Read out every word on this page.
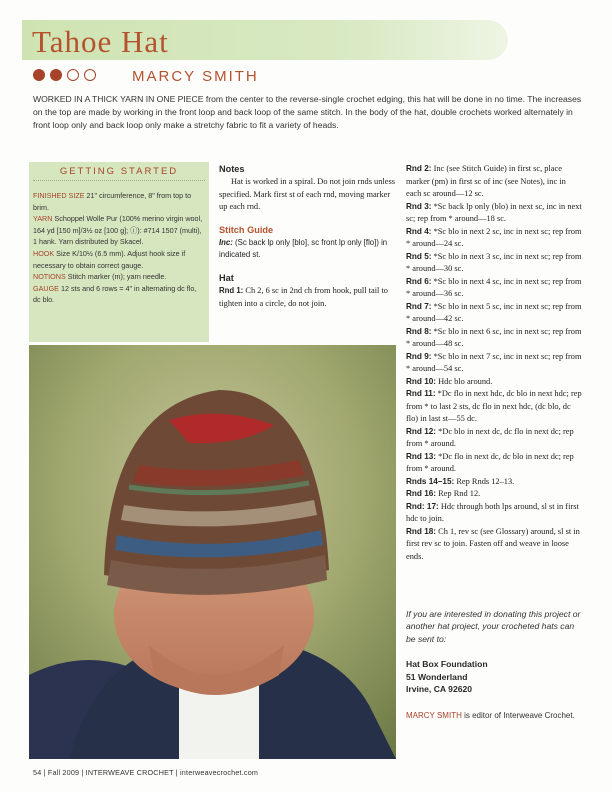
Tahoe Hat
MARCY SMITH

WORKED IN A THICK YARN IN ONE PIECE from the center to the reverse-single crochet edging, this hat will be done in no time. The increases on the top are made by working in the front loop and back loop of the same stitch. In the body of the hat, double crochets worked alternately in front loop only and back loop only make a stretchy fabric to fit a variety of heads.

GETTING STARTED
FINISHED SIZE 21" circumference, 8" from top to brim.
YARN Schoppel Wolle Pur (100% merino virgin wool, 164 yd [150 m]/3½ oz [100 g]; ⓘ): #714 1507 (multi), 1 hank. Yarn distributed by Skacel.
HOOK Size K/10½ (6.5 mm). Adjust hook size if necessary to obtain correct gauge.
NOTIONS Stitch marker (m); yarn needle.
GAUGE 12 sts and 6 rows = 4" in alternating dc flo, dc blo.
Notes

Hat is worked in a spiral. Do not join rnds unless specified. Mark first st of each rnd, moving marker up each rnd.

Stitch Guide

Inc: (Sc back lp only [blo], sc front lp only [flo]) in indicated st.

Hat

Rnd 1: Ch 2, 6 sc in 2nd ch from hook, pull tail to tighten into a circle, do not join.

Rnd 2: Inc (see Stitch Guide) in first sc, place marker (pm) in first sc of inc (see Notes), inc in each sc around—12 sc.
Rnd 3: *Sc back lp only (blo) in next sc, inc in next sc; rep from * around—18 sc.
Rnd 4: *Sc blo in next 2 sc, inc in next sc; rep from * around—24 sc.
Rnd 5: *Sc blo in next 3 sc, inc in next sc; rep from * around—30 sc.
Rnd 6: *Sc blo in next 4 sc, inc in next sc; rep from * around—36 sc.
Rnd 7: *Sc blo in next 5 sc, inc in next sc; rep from * around—42 sc.
Rnd 8: *Sc blo in next 6 sc, inc in next sc; rep from * around—48 sc.
Rnd 9: *Sc blo in next 7 sc, inc in next sc; rep from * around—54 sc.
Rnd 10: Hdc blo around.
Rnd 11: *Dc flo in next hdc, dc blo in next hdc; rep from * to last 2 sts, dc flo in next hdc, (dc blo, dc flo) in last st—55 dc.
Rnd 12: *Dc blo in next dc, dc flo in next dc; rep from * around.
Rnd 13: *Dc flo in next dc, dc blo in next dc; rep from * around.
Rnds 14–15: Rep Rnds 12–13.
Rnd 16: Rep Rnd 12.
Rnd: 17: Hdc through both lps around, sl st in first hdc to join.
Rnd 18: Ch 1, rev sc (see Glossary) around, sl st in first rev sc to join. Fasten off and weave in loose ends.

If you are interested in donating this project or another hat project, your crocheted hats can be sent to:

Hat Box Foundation
51 Wonderland
Irvine, CA 92620

MARCY SMITH is editor of Interweave Crochet.

54 | Fall 2009 | INTERWEAVE CROCHET | interweavecrochet.com
